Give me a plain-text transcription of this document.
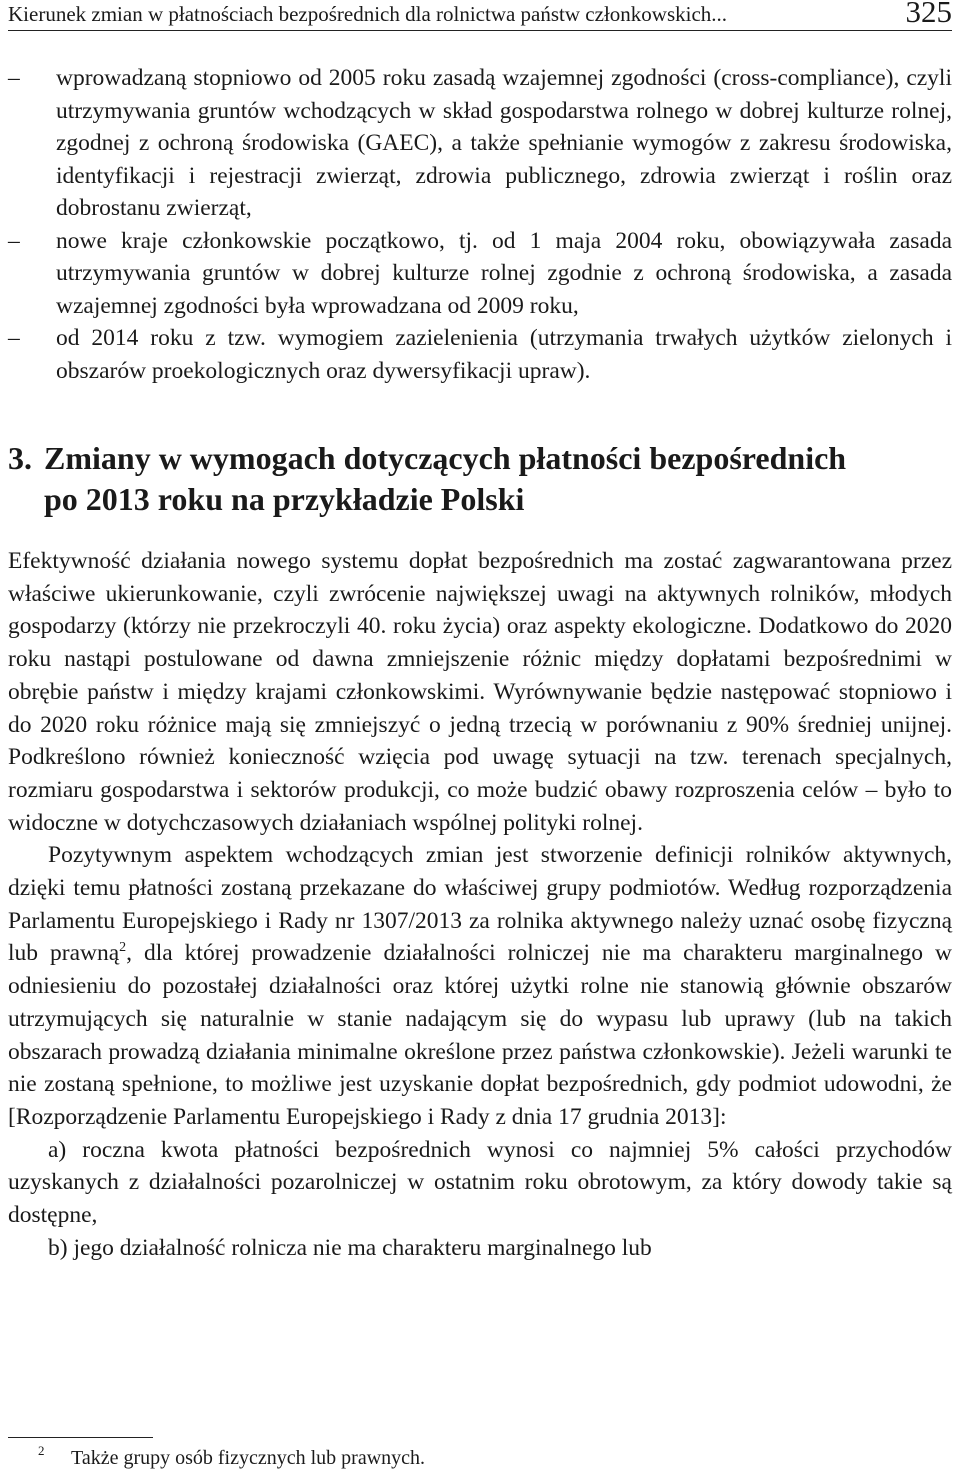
Kierunek zmian w płatnościach bezpośrednich dla rolnictwa państw członkowskich...	325
–	wprowadzaną stopniowo od 2005 roku zasadą wzajemnej zgodności (cross-compliance), czyli utrzymywania gruntów wchodzących w skład gospodarstwa rolnego w dobrej kulturze rolnej, zgodnej z ochroną środowiska (GAEC), a także spełnianie wymogów z zakresu środowiska, identyfikacji i rejestracji zwierząt, zdrowia publicznego, zdrowia zwierząt i roślin oraz dobrostanu zwierząt,
–	nowe kraje członkowskie początkowo, tj. od 1 maja 2004 roku, obowiązywała zasada utrzymywania gruntów w dobrej kulturze rolnej zgodnie z ochroną środowiska, a zasada wzajemnej zgodności była wprowadzana od 2009 roku,
–	od 2014 roku z tzw. wymogiem zazielenienia (utrzymania trwałych użytków zielonych i obszarów proekologicznych oraz dywersyfikacji upraw).
3. Zmiany w wymogach dotyczących płatności bezpośrednich
po 2013 roku na przykładzie Polski

Efektywność działania nowego systemu dopłat bezpośrednich ma zostać zagwarantowana przez właściwe ukierunkowanie, czyli zwrócenie największej uwagi na aktywnych rolników, młodych gospodarzy (którzy nie przekroczyli 40. roku życia) oraz aspekty ekologiczne. Dodatkowo do 2020 roku nastąpi postulowane od dawna zmniejszenie różnic między dopłatami bezpośrednimi w obrębie państw i między krajami członkowskimi. Wyrównywanie będzie następować stopniowo i do 2020 roku różnice mają się zmniejszyć o jedną trzecią w porównaniu z 90% średniej unijnej. Podkreślono również konieczność wzięcia pod uwagę sytuacji na tzw. terenach specjalnych, rozmiaru gospodarstwa i sektorów produkcji, co może budzić obawy rozproszenia celów – było to widoczne w dotychczasowych działaniach wspólnej polityki rolnej.

Pozytywnym aspektem wchodzących zmian jest stworzenie definicji rolników aktywnych, dzięki temu płatności zostaną przekazane do właściwej grupy podmiotów. Według rozporządzenia Parlamentu Europejskiego i Rady nr 1307/2013 za rolnika aktywnego należy uznać osobę fizyczną lub prawną$^2$, dla której prowadzenie działalności rolniczej nie ma charakteru marginalnego w odniesieniu do pozostałej działalności oraz której użytki rolne nie stanowią głównie obszarów utrzymujących się naturalnie w stanie nadającym się do wypasu lub uprawy (lub na takich obszarach prowadzą działania minimalne określone przez państwa członkowskie). Jeżeli warunki te nie zostaną spełnione, to możliwe jest uzyskanie dopłat bezpośrednich, gdy podmiot udowodni, że [Rozporządzenie Parlamentu Europejskiego i Rady z dnia 17 grudnia 2013]:

a) roczna kwota płatności bezpośrednich wynosi co najmniej 5% całości przychodów uzyskanych z działalności pozarolniczej w ostatnim roku obrotowym, za który dowody takie są dostępne,

b) jego działalność rolnicza nie ma charakteru marginalnego lub

2 Także grupy osób fizycznych lub prawnych.
